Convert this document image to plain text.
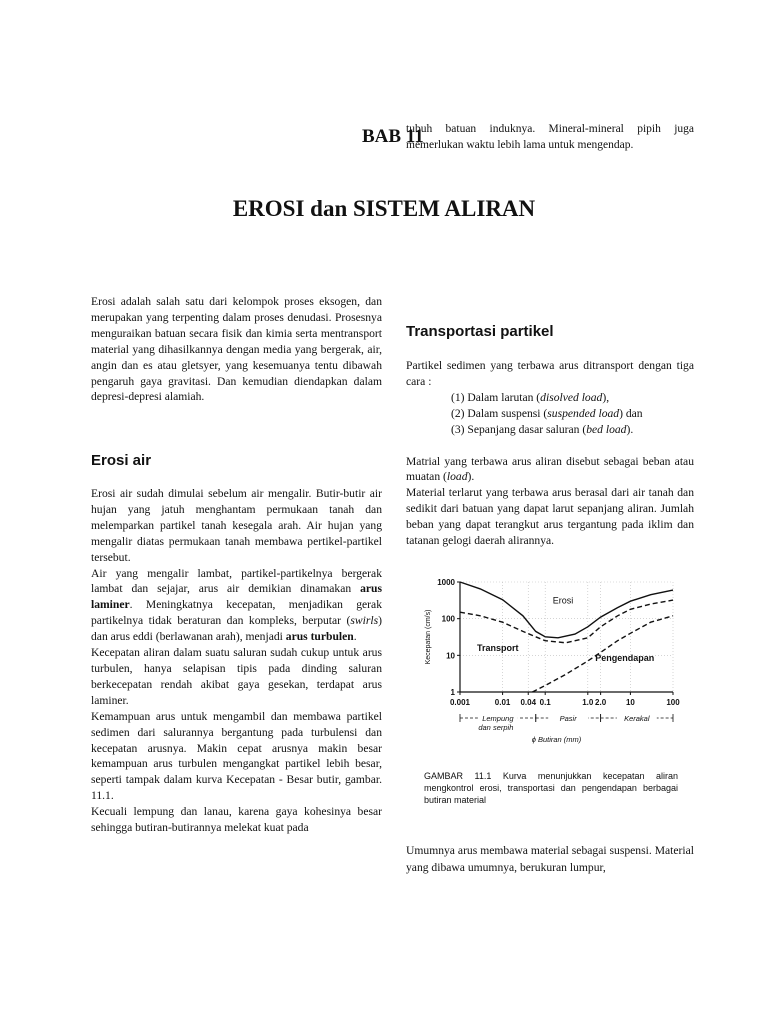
BAB 11
tubuh batuan induknya. Mineral-mineral pipih juga memerlukan waktu lebih lama untuk mengendap.
EROSI dan SISTEM ALIRAN

Erosi adalah salah satu dari kelompok proses eksogen, dan merupakan yang terpenting dalam proses denudasi. Prosesnya menguraikan batuan secara fisik dan kimia serta mentransport material yang dihasilkannya dengan media yang bergerak, air, angin dan es atau gletsyer, yang kesemuanya tentu dibawah pengaruh gaya gravitasi. Dan kemudian diendapkan dalam depresi-depresi alamiah.

Erosi air

Erosi air sudah dimulai sebelum air mengalir. Butir-butir air hujan yang jatuh menghantam permukaan tanah dan melemparkan partikel tanah kesegala arah. Air hujan yang mengalir diatas permukaan tanah membawa pertikel-partikel tersebut.

Air yang mengalir lambat, partikel-partikelnya bergerak lambat dan sejajar, arus air demikian dinamakan arus laminer. Meningkatnya kecepatan, menjadikan gerak partikelnya tidak beraturan dan kompleks, berputar (swirls) dan arus eddi (berlawanan arah), menjadi arus turbulen.

Kecepatan aliran dalam suatu saluran sudah cukup untuk arus turbulen, hanya selapisan tipis pada dinding saluran berkecepatan rendah akibat gaya gesekan, terdapat arus laminer.

Kemampuan arus untuk mengambil dan membawa partikel sedimen dari salurannya bergantung pada turbulensi dan kecepatan arusnya. Makin cepat arusnya makin besar kemampuan arus turbulen mengangkat partikel lebih besar, seperti tampak dalam kurva Kecepatan - Besar butir, gambar. 11.1.

Kecuali lempung dan lanau, karena gaya kohesinya besar sehingga butiran-butirannya melekat kuat pada

Transportasi partikel

Partikel sedimen yang terbawa arus ditransport dengan tiga cara :

(1) Dalam larutan (disolved load),
(2) Dalam suspensi (suspended load) dan
(3) Sepanjang dasar saluran (bed load).

Matrial yang terbawa arus aliran disebut sebagai beban atau muatan (load).

Material terlarut yang terbawa arus berasal dari air tanah dan sedikit dari batuan yang dapat larut sepanjang aliran. Jumlah beban yang dapat terangkut arus tergantung pada iklim dan tatanan gelogi daerah alirannya.

0.001	0.01 0.04 0.1	1.0 2.0 10	100
1
10
100
1000
Kecepatan (cm/s)
Erosi
Transport
Pengendapan
Lempung
dan serpih
Pasir	Kerakal
ϕ Butiran (mm)
GAMBAR 11.1 Kurva menunjukkan kecepatan aliran mengkontrol erosi, transportasi dan pengendapan berbagai butiran material

Umumnya arus membawa material sebagai suspensi. Material yang dibawa umumnya, berukuran lumpur,
